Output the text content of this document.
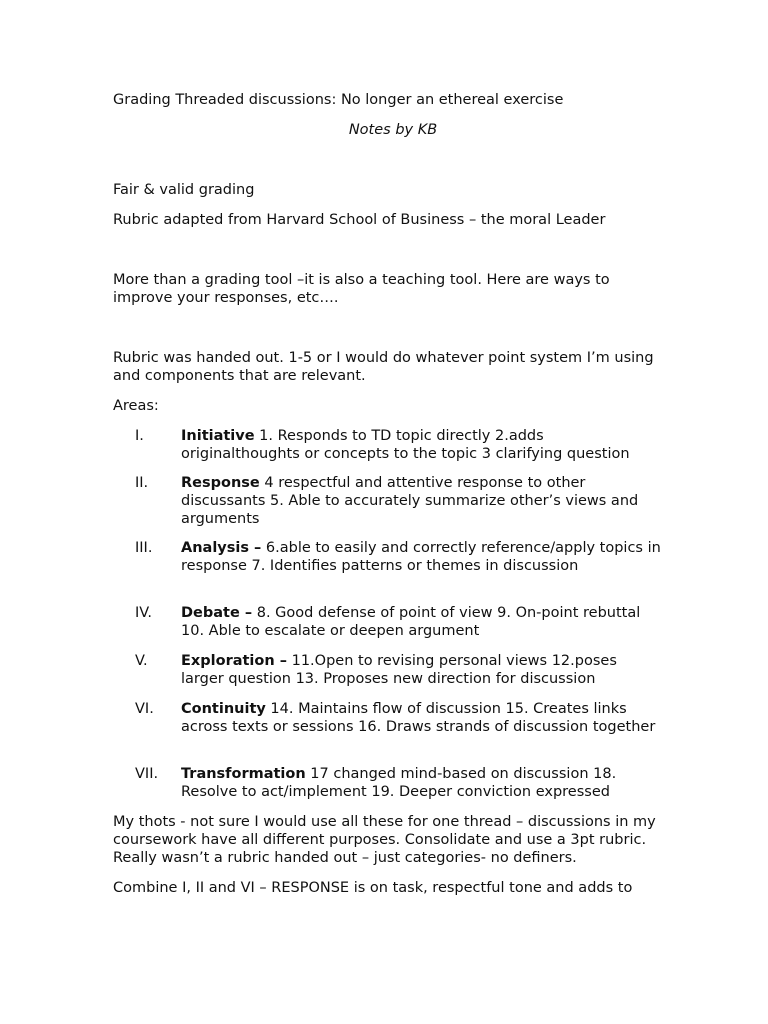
Grading Threaded discussions: No longer an ethereal exercise

Notes by KB

Fair & valid grading

Rubric adapted from Harvard School of Business – the moral Leader

More than a grading tool –it is also a teaching tool. Here are ways to improve your responses, etc….

Rubric was handed out. 1-5 or I would do whatever point system I’m using and components that are relevant.

Areas:

I.	Initiative 1. Responds to TD topic directly 2.adds originalthoughts or concepts to the topic 3 clarifying question
II. Response 4 respectful and attentive response to other discussants 5. Able to accurately summarize other’s views and arguments
III. Analysis – 6.able to easily and correctly reference/apply topics in response 7. Identifies patterns or themes in discussion
IV. Debate – 8. Good defense of point of view 9. On-point rebuttal 10. Able to escalate or deepen argument
V. Exploration – 11.Open to revising personal views 12.poses larger question 13. Proposes new direction for discussion
VI. Continuity 14. Maintains flow of discussion 15. Creates links across texts or sessions 16. Draws strands of discussion together
VII. Transformation 17 changed mind-based on discussion 18. Resolve to act/implement 19. Deeper conviction expressed

My thots - not sure I would use all these for one thread – discussions in my coursework have all different purposes. Consolidate and use a 3pt rubric. Really wasn’t a rubric handed out – just categories- no definers.

Combine I, II and VI – RESPONSE is on task, respectful tone and adds to
